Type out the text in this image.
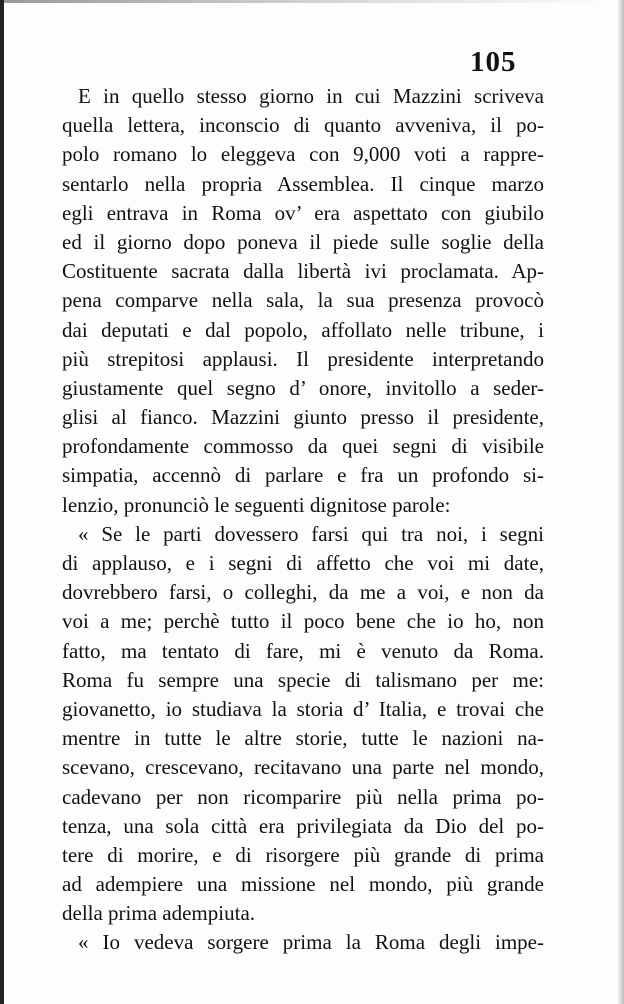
105
E in quello stesso giorno in cui Mazzini scriveva
quella lettera, inconscio di quanto avveniva, il po-
polo romano lo eleggeva con 9,000 voti a rappre-
sentarlo nella propria Assemblea. Il cinque marzo
egli entrava in Roma ov’ era aspettato con giubilo
ed il giorno dopo poneva il piede sulle soglie della
Costituente sacrata dalla libertà ivi proclamata. Ap-
pena comparve nella sala, la sua presenza provocò
dai deputati e dal popolo, affollato nelle tribune, i
più strepitosi applausi. Il presidente interpretando
giustamente quel segno d’ onore, invitollo a seder-
glisi al fianco. Mazzini giunto presso il presidente,
profondamente commosso da quei segni di visibile
simpatia, accennò di parlare e fra un profondo si-
lenzio, pronunciò le seguenti dignitose parole:
« Se le parti dovessero farsi qui tra noi, i segni
di applauso, e i segni di affetto che voi mi date,
dovrebbero farsi, o colleghi, da me a voi, e non da
voi a me; perchè tutto il poco bene che io ho, non
fatto, ma tentato di fare, mi è venuto da Roma.
Roma fu sempre una specie di talismano per me:
giovanetto, io studiava la storia d’ Italia, e trovai che
mentre in tutte le altre storie, tutte le nazioni na-
scevano, crescevano, recitavano una parte nel mondo,
cadevano per non ricomparire più nella prima po-
tenza, una sola città era privilegiata da Dio del po-
tere di morire, e di risorgere più grande di prima
ad adempiere una missione nel mondo, più grande
della prima adempiuta.
« Io vedeva sorgere prima la Roma degli impe-
